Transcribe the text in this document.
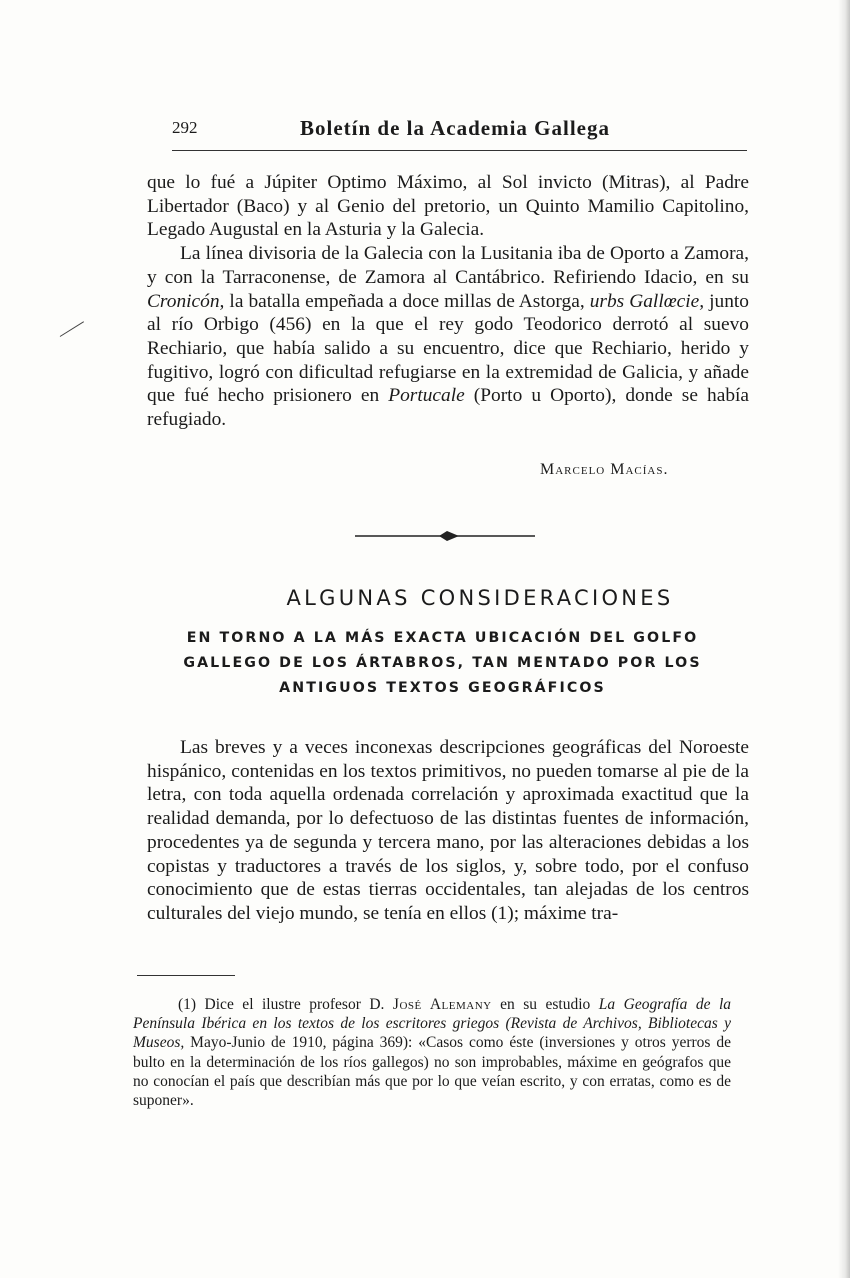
292	Boletín de la Academia Gallega

que lo fué a Júpiter Optimo Máximo, al Sol invicto (Mitras), al Padre Libertador (Baco) y al Genio del pretorio, un Quinto Mamilio Capitolino, Legado Augustal en la Asturia y la Galecia.

La línea divisoria de la Galecia con la Lusitania iba de Oporto a Zamora, y con la Tarraconense, de Zamora al Cantábrico. Refiriendo Idacio, en su Cronicón, la batalla empeñada a doce millas de Astorga, urbs Gallœcie, junto al río Orbigo (456) en la que el rey godo Teodorico derrotó al suevo Rechiario, que había salido a su encuentro, dice que Rechiario, herido y fugitivo, logró con dificultad refugiarse en la extremidad de Galicia, y añade que fué hecho prisionero en Portucale (Porto u Oporto), donde se había refugiado.

Marcelo Macías.
ALGUNAS CONSIDERACIONES
EN TORNO A LA MÁS EXACTA UBICACIÓN DEL GOLFO GALLEGO DE LOS ÁRTABROS, TAN MENTADO POR LOS ANTIGUOS TEXTOS GEOGRÁFICOS

Las breves y a veces inconexas descripciones geográficas del Noroeste hispánico, contenidas en los textos primitivos, no pueden tomarse al pie de la letra, con toda aquella ordenada correlación y aproximada exactitud que la realidad demanda, por lo defectuoso de las distintas fuentes de información, procedentes ya de segunda y tercera mano, por las alteraciones debidas a los copistas y traductores a través de los siglos, y, sobre todo, por el confuso conocimiento que de estas tierras occidentales, tan alejadas de los centros culturales del viejo mundo, se tenía en ellos (1); máxime tra-

(1) Dice el ilustre profesor D. José Alemany en su estudio La Geografía de la Península Ibérica en los textos de los escritores griegos (Revista de Archivos, Bibliotecas y Museos, Mayo-Junio de 1910, página 369): «Casos como éste (inversiones y otros yerros de bulto en la determinación de los ríos gallegos) no son improbables, máxime en geógrafos que no conocían el país que describían más que por lo que veían escrito, y con erratas, como es de suponer».
